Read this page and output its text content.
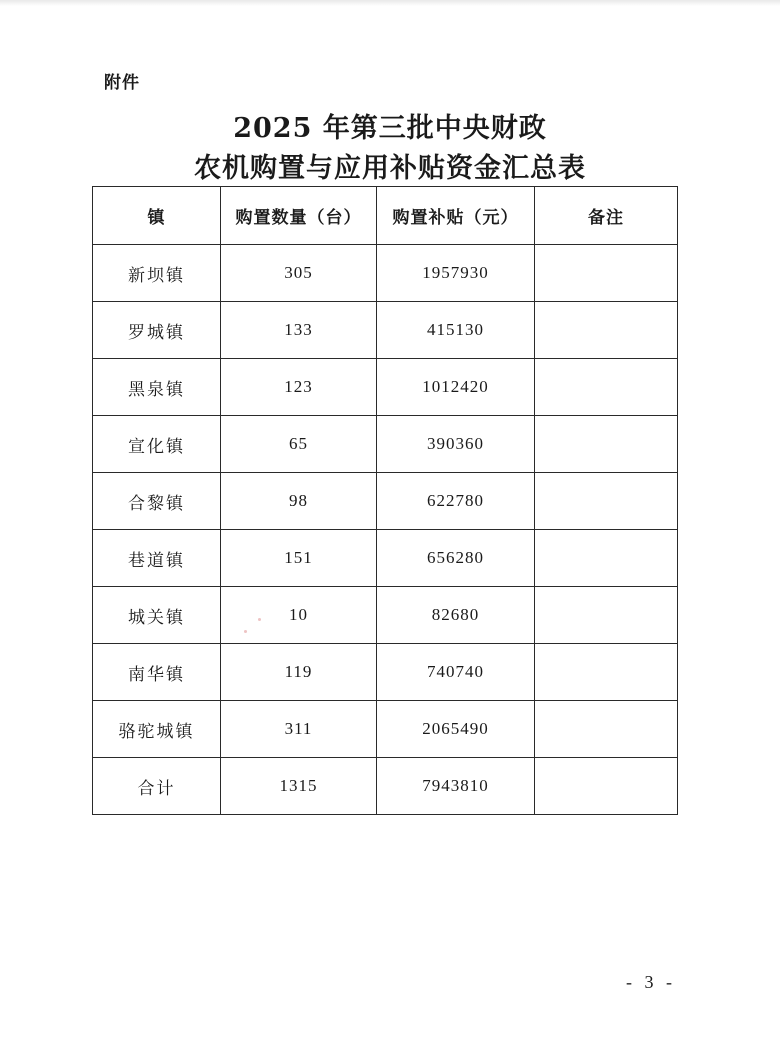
附件
2025 年第三批中央财政
农机购置与应用补贴资金汇总表
镇	购置数量（台）	购置补贴（元）	备注
新坝镇	305	1957930	
罗城镇	133	415130	
黑泉镇	123	1012420	
宣化镇	65	390360	
合黎镇	98	622780	
巷道镇	151	656280	
城关镇	10	82680	
南华镇	119	740740	
骆驼城镇	311	2065490	
合计	1315	7943810	
- 3 -
